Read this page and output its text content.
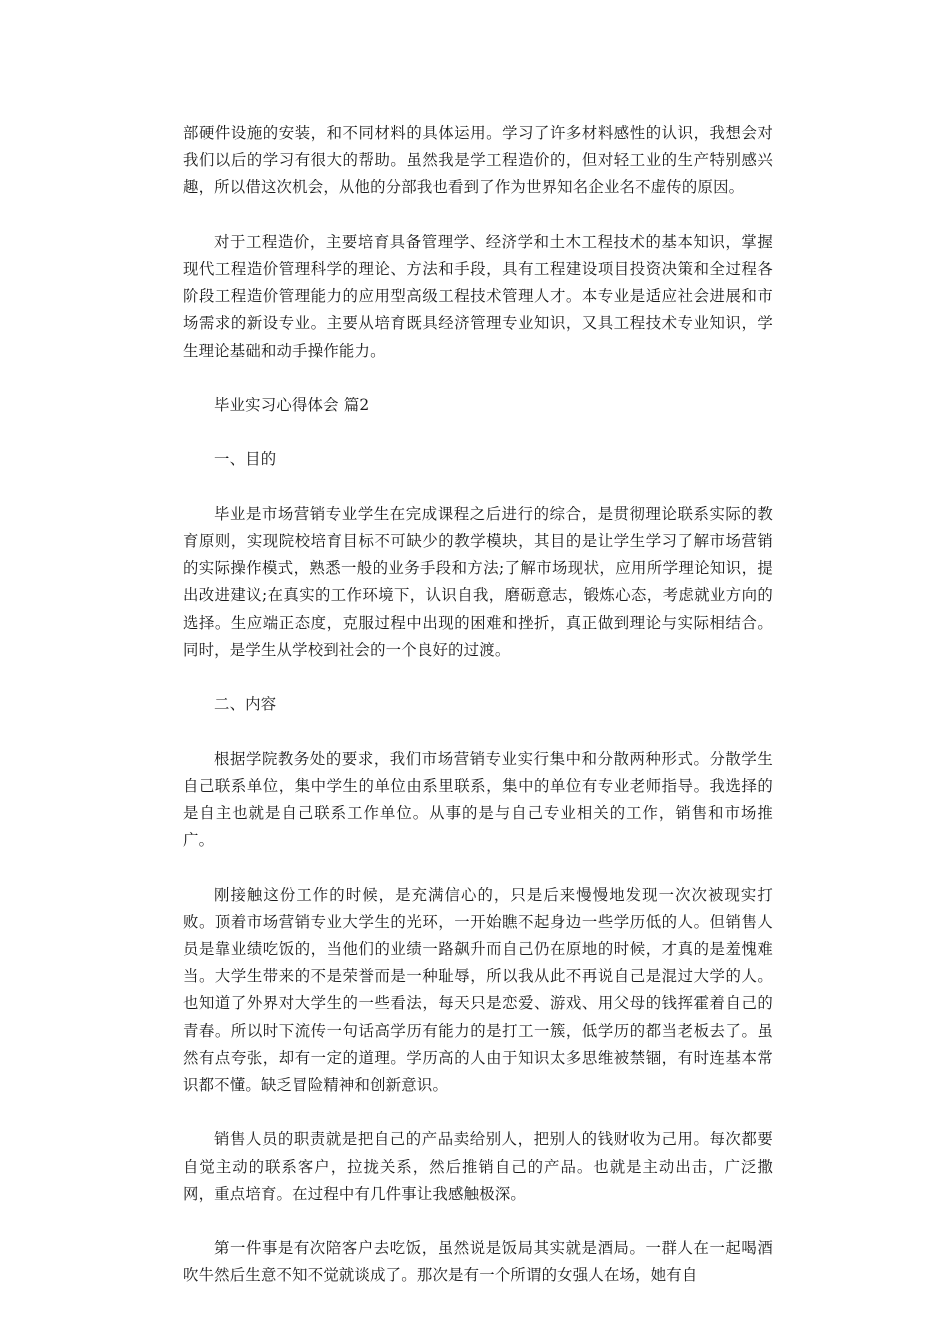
部硬件设施的安装，和不同材料的具体运用。学习了许多材料感性的认识，我想会对我们以后的学习有很大的帮助。虽然我是学工程造价的，但对轻工业的生产特别感兴趣，所以借这次机会，从他的分部我也看到了作为世界知名企业名不虚传的原因。

对于工程造价，主要培育具备管理学、经济学和土木工程技术的基本知识，掌握现代工程造价管理科学的理论、方法和手段，具有工程建设项目投资决策和全过程各阶段工程造价管理能力的应用型高级工程技术管理人才。本专业是适应社会进展和市场需求的新设专业。主要从培育既具经济管理专业知识，又具工程技术专业知识，学生理论基础和动手操作能力。

毕业实习心得体会 篇2

一、目的

毕业是市场营销专业学生在完成课程之后进行的综合，是贯彻理论联系实际的教育原则，实现院校培育目标不可缺少的教学模块，其目的是让学生学习了解市场营销的实际操作模式，熟悉一般的业务手段和方法;了解市场现状，应用所学理论知识，提出改进建议;在真实的工作环境下，认识自我，磨砺意志，锻炼心态，考虑就业方向的选择。生应端正态度，克服过程中出现的困难和挫折，真正做到理论与实际相结合。同时，是学生从学校到社会的一个良好的过渡。

二、内容

根据学院教务处的要求，我们市场营销专业实行集中和分散两种形式。分散学生自己联系单位，集中学生的单位由系里联系，集中的单位有专业老师指导。我选择的是自主也就是自己联系工作单位。从事的是与自己专业相关的工作，销售和市场推广。

刚接触这份工作的时候，是充满信心的，只是后来慢慢地发现一次次被现实打败。顶着市场营销专业大学生的光环，一开始瞧不起身边一些学历低的人。但销售人员是靠业绩吃饭的，当他们的业绩一路飙升而自己仍在原地的时候，才真的是羞愧难当。大学生带来的不是荣誉而是一种耻辱，所以我从此不再说自己是混过大学的人。也知道了外界对大学生的一些看法，每天只是恋爱、游戏、用父母的钱挥霍着自己的青春。所以时下流传一句话高学历有能力的是打工一簇，低学历的都当老板去了。虽然有点夸张，却有一定的道理。学历高的人由于知识太多思维被禁锢，有时连基本常识都不懂。缺乏冒险精神和创新意识。

销售人员的职责就是把自己的产品卖给别人，把别人的钱财收为己用。每次都要自觉主动的联系客户，拉拢关系，然后推销自己的产品。也就是主动出击，广泛撒网，重点培育。在过程中有几件事让我感触极深。

第一件事是有次陪客户去吃饭，虽然说是饭局其实就是酒局。一群人在一起喝酒吹牛然后生意不知不觉就谈成了。那次是有一个所谓的女强人在场，她有自
